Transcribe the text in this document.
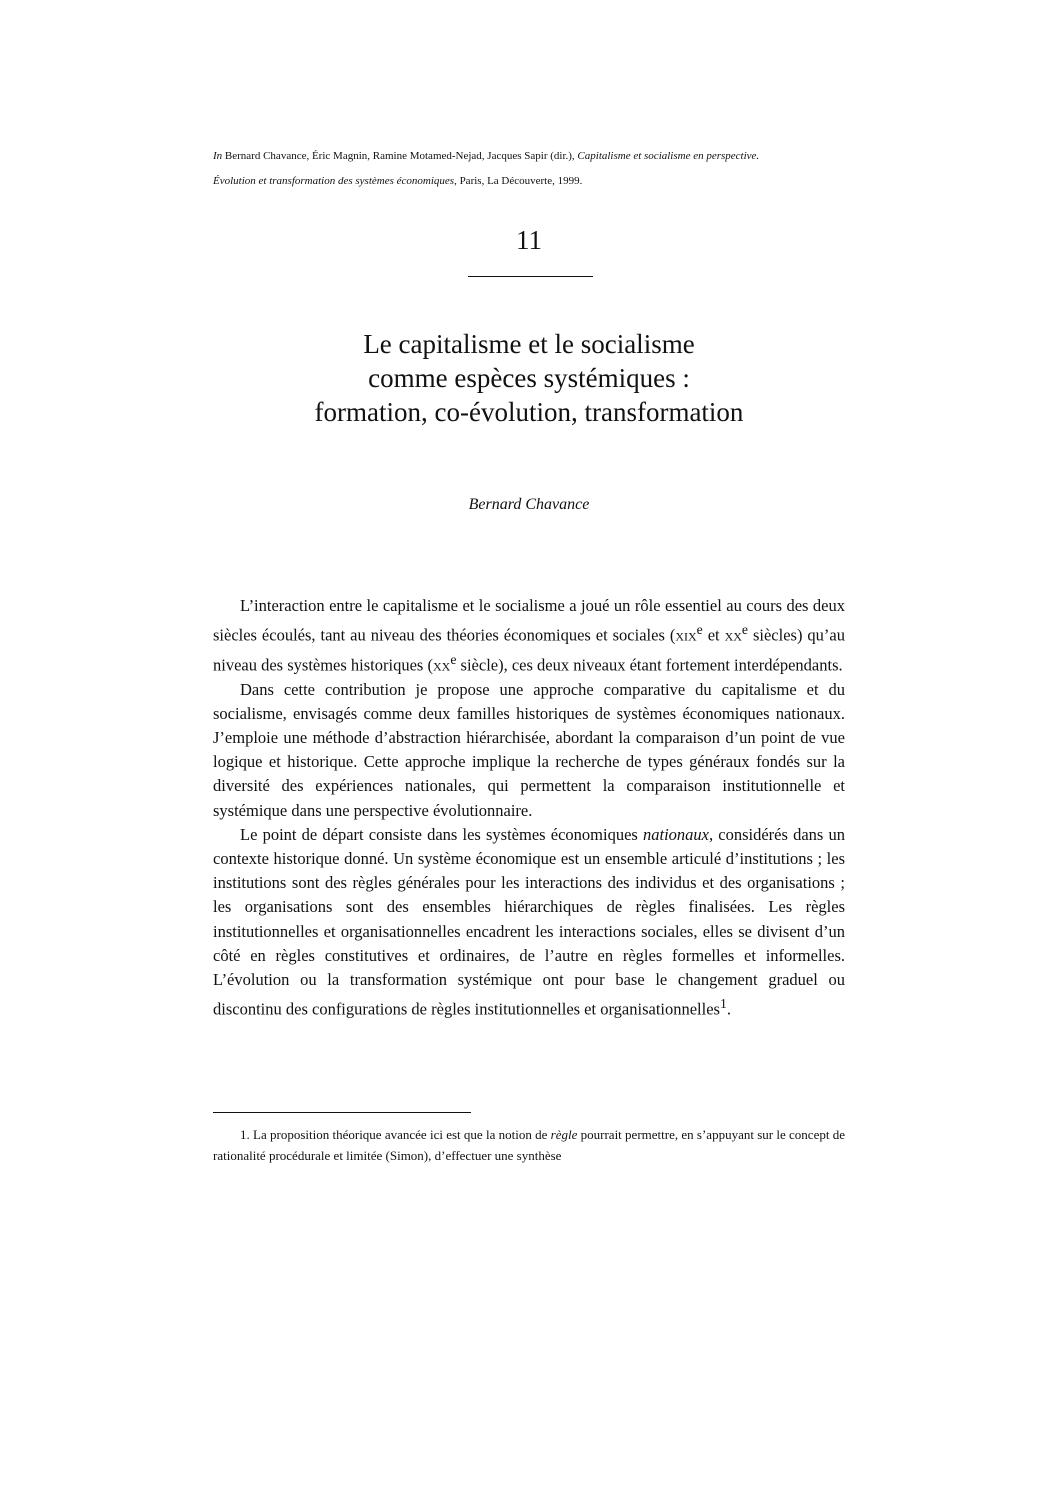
In Bernard Chavance, Éric Magnin, Ramine Motamed-Nejad, Jacques Sapir (dir.), Capitalisme et socialisme en perspective.
Évolution et transformation des systèmes économiques, Paris, La Découverte, 1999.
11
Le capitalisme et le socialisme
comme espèces systémiques :
formation, co-évolution, transformation
Bernard Chavance

L’interaction entre le capitalisme et le socialisme a joué un rôle essentiel au cours des deux siècles écoulés, tant au niveau des théories économiques et sociales (xix$^e$ et $xx^e$ siècles) qu’au niveau des systèmes historiques ($xx^e$ siècle), ces deux niveaux étant fortement interdépendants.

Dans cette contribution je propose une approche comparative du capitalisme et du socialisme, envisagés comme deux familles historiques de systèmes économiques nationaux. J’emploie une méthode d’abstraction hiérarchisée, abordant la comparaison d’un point de vue logique et historique. Cette approche implique la recherche de types généraux fondés sur la diversité des expériences nationales, qui permettent la comparaison institutionnelle et systémique dans une perspective évolutionnaire.

Le point de départ consiste dans les systèmes économiques nationaux, considérés dans un contexte historique donné. Un système économique est un ensemble articulé d’institutions ; les institutions sont des règles générales pour les interactions des individus et des organisations ; les organisations sont des ensembles hiérarchiques de règles finalisées. Les règles institutionnelles et organisationnelles encadrent les interactions sociales, elles se divisent d’un côté en règles constitutives et ordinaires, de l’autre en règles formelles et informelles. L’évolution ou la transformation systémique ont pour base le changement graduel ou discontinu des configurations de règles institutionnelles et organisationnelles$^1$.

1. La proposition théorique avancée ici est que la notion de règle pourrait permettre, en s’appuyant sur le concept de rationalité procédurale et limitée (Simon), d’effectuer une synthèse
